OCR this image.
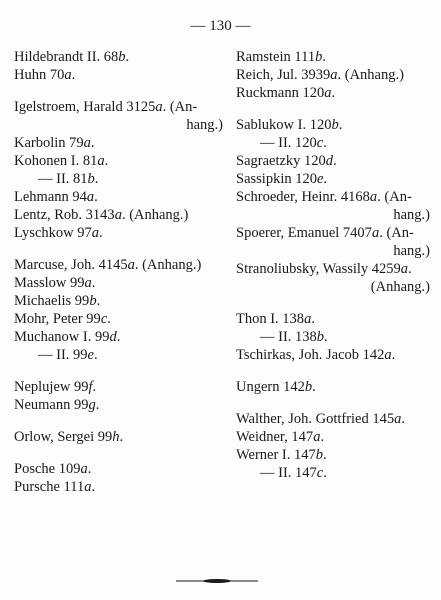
— 130 —
Hildebrandt II. 68b.
Huhn 70a.
Igelstroem, Harald 3125a. (An-
hang.)
Karbolin 79a.
Kohonen I. 81a.
— II. 81b.
Lehmann 94a.
Lentz, Rob. 3143a. (Anhang.)
Lyschkow 97a.
Marcuse, Joh. 4145a. (Anhang.)
Masslow 99a.
Michaelis 99b.
Mohr, Peter 99c.
Muchanow I. 99d.
— II. 99e.
Neplujew 99f.
Neumann 99g.
Orlow, Sergei 99h.
Posche 109a.
Pursche 111a.
Ramstein 111b.
Reich, Jul. 3939a. (Anhang.)
Ruckmann 120a.
Sablukow I. 120b.
— II. 120c.
Sagraetzky 120d.
Sassipkin 120e.
Schroeder, Heinr. 4168a. (An-
hang.)
Spoerer, Emanuel 7407a. (An-
hang.)
Stranoliubsky, Wassily 4259a.
(Anhang.)
Thon I. 138a.
— II. 138b.
Tschirkas, Joh. Jacob 142a.
Ungern 142b.
Walther, Joh. Gottfried 145a.
Weidner, 147a.
Werner I. 147b.
— II. 147c.
